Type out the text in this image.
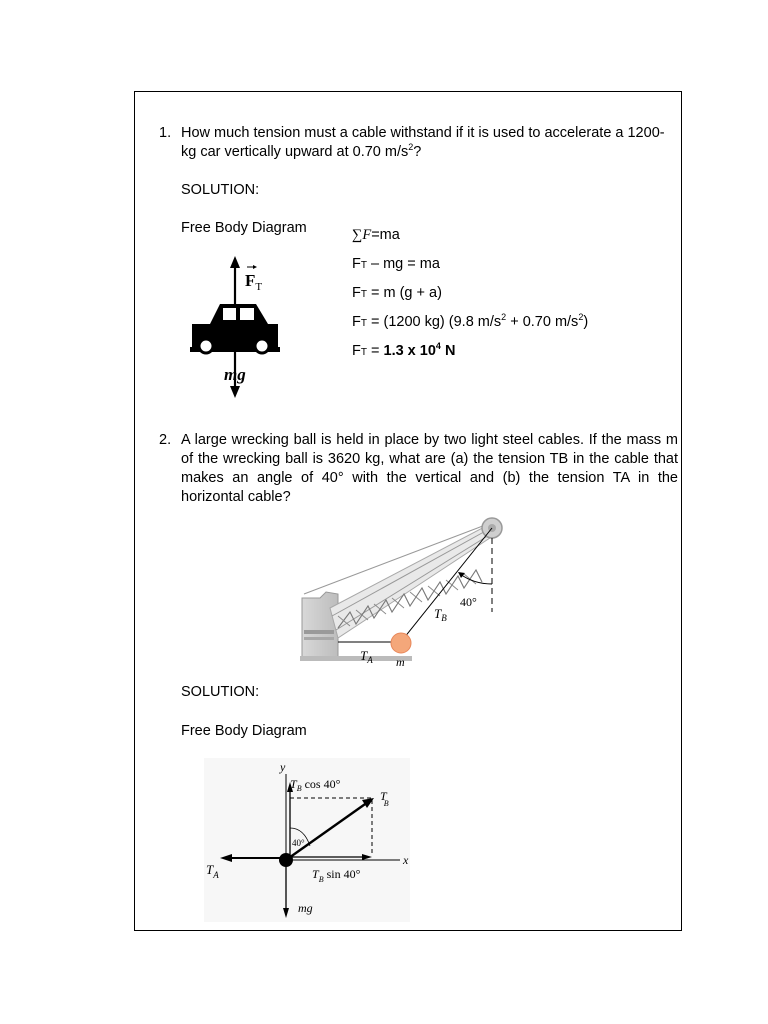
1. How much tension must a cable withstand if it is used to accelerate a 1200-
kg car vertically upward at 0.70 $m/s^2$?
SOLUTION:
Free Body Diagram
$F_T$
mg
∑F=ma
FT – mg = ma
FT = m (g + a)
FT = (1200 kg) (9.8 $m/s^2 + 0.70$ $m/s^2$)
FT = 1.3 x $10^4$ N
2. A large wrecking ball is held in place by two light steel cables. If the mass m of the wrecking ball is 3620 kg, what are (a) the tension TB in the cable that makes an angle of 40° with the vertical and (b) the tension TA in the horizontal cable?
40°
$T_B$
$T_A$ m
SOLUTION:
Free Body Diagram
y
x
$T_B$ cos 40°
T B
40°
$T_A$	$T_B$ sin 40°
mg
